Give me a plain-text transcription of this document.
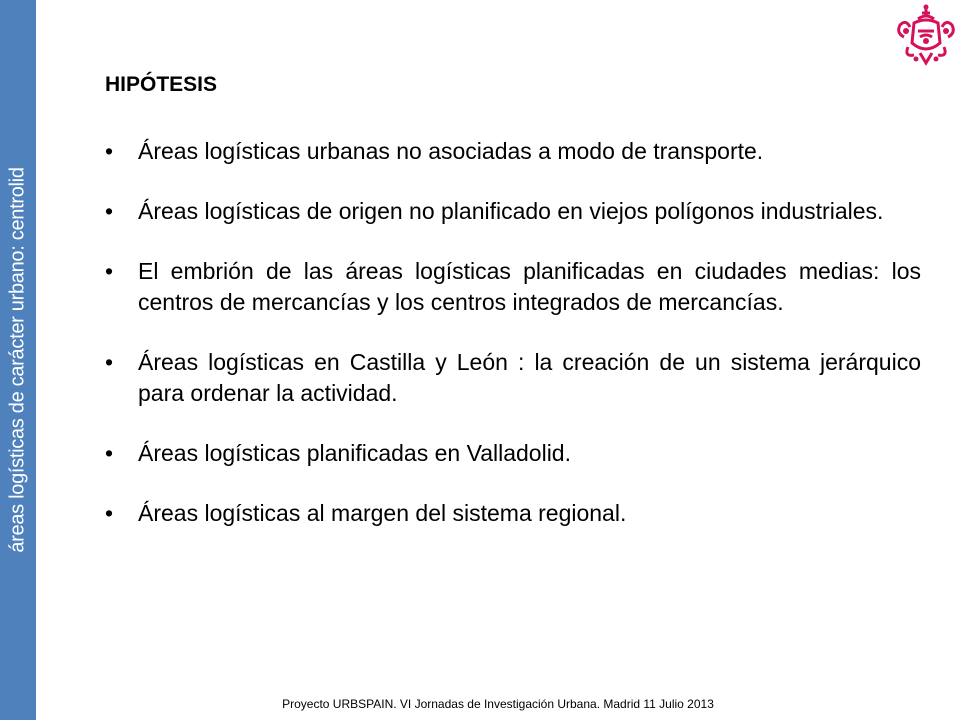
áreas logísticas de carácter urbano: centrolid
HIPÓTESIS
• Áreas logísticas urbanas no asociadas a modo de transporte.
• Áreas logísticas de origen no planificado en viejos polígonos industriales.
• El embrión de las áreas logísticas planificadas en ciudades medias: los centros de mercancías y los centros integrados de mercancías.
• Áreas logísticas en Castilla y León : la creación de un sistema jerárquico para ordenar la actividad.
• Áreas logísticas planificadas en Valladolid.
• Áreas logísticas al margen del sistema regional.
Proyecto URBSPAIN. VI Jornadas de Investigación Urbana. Madrid 11 Julio 2013
